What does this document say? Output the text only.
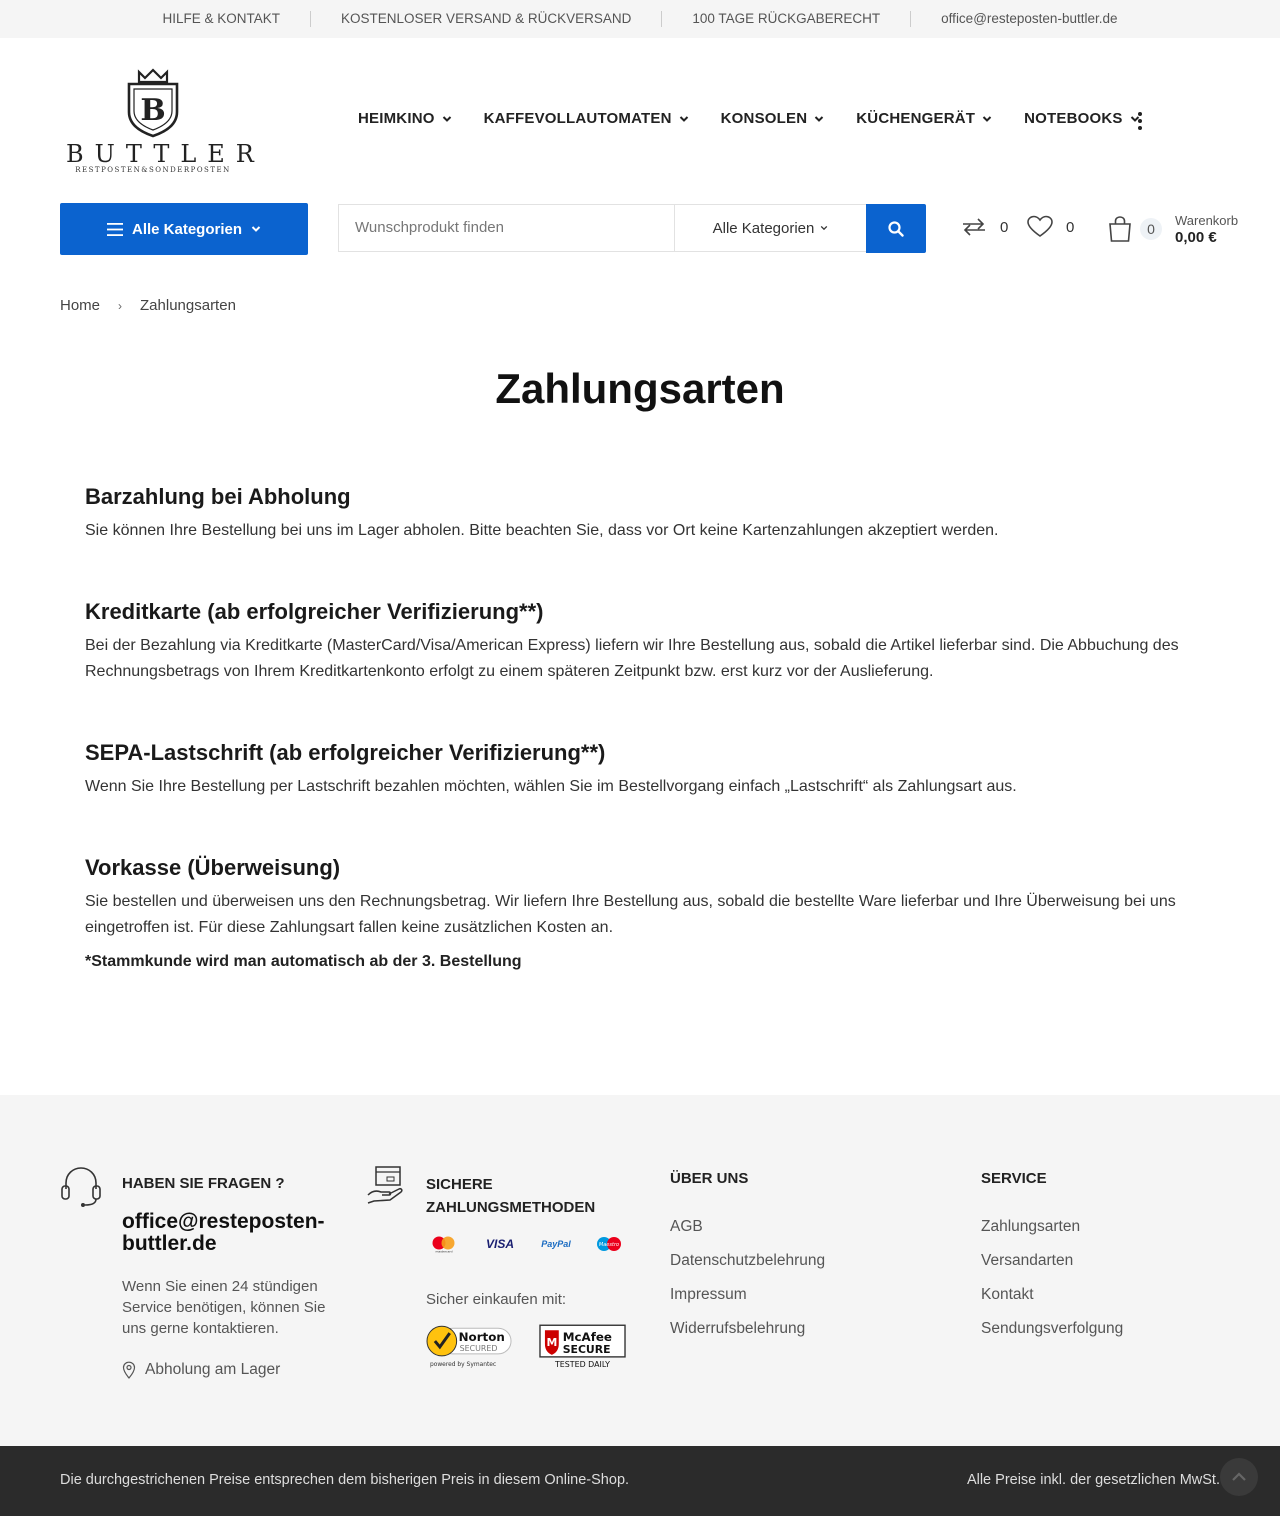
HILFE & KONTAKT	KOSTENLOSER VERSAND & RÜCKVERSAND	100 TAGE RÜCKGABERECHT	office@resteposten-buttler.de
B
BUTTLER
RESTPOSTEN&SONDERPOSTEN
HEIMKINO	KAFFEVOLLAUTOMATEN	KONSOLEN	KÜCHENGERÄT	NOTEBOOKS
Alle Kategorien
Wunschprodukt finden	Alle Kategorien	0	0	0
Warenkorb
0,00 €
Home › Zahlungsarten
Zahlungsarten
Barzahlung bei Abholung

Sie können Ihre Bestellung bei uns im Lager abholen. Bitte beachten Sie, dass vor Ort keine Kartenzahlungen akzeptiert werden.

Kreditkarte (ab erfolgreicher Verifizierung**)

Bei der Bezahlung via Kreditkarte (MasterCard/Visa/American Express) liefern wir Ihre Bestellung aus, sobald die Artikel lieferbar sind. Die Abbuchung des Rechnungsbetrags von Ihrem Kreditkartenkonto erfolgt zu einem späteren Zeitpunkt bzw. erst kurz vor der Auslieferung.

SEPA-Lastschrift (ab erfolgreicher Verifizierung**)

Wenn Sie Ihre Bestellung per Lastschrift bezahlen möchten, wählen Sie im Bestellvorgang einfach „Lastschrift“ als Zahlungsart aus.

Vorkasse (Überweisung)

Sie bestellen und überweisen uns den Rechnungsbetrag. Wir liefern Ihre Bestellung aus, sobald die bestellte Ware lieferbar und Ihre Überweisung bei uns eingetroffen ist. Für diese Zahlungsart fallen keine zusätzlichen Kosten an.

*Stammkunde wird man automatisch ab der 3. Bestellung
HABEN SIE FRAGEN ?
office@resteposten-buttler.de
Wenn Sie einen 24 stündigen Service benötigen, können Sie uns gerne kontaktieren.
Abholung am Lager
SICHERE ZAHLUNGSMETHODEN
mastercard
VISA	PayPal	Maestro
Sicher einkaufen mit:
Norton
SECURED
powered by Symantec
M McAfee
SECURE
TESTED DAILY
ÜBER UNS
AGB
Datenschutzbelehrung
Impressum
Widerrufsbelehrung
SERVICE
Zahlungsarten
Versandarten
Kontakt
Sendungsverfolgung
Die durchgestrichenen Preise entsprechen dem bisherigen Preis in diesem Online-Shop.	Alle Preise inkl. der gesetzlichen MwSt.
